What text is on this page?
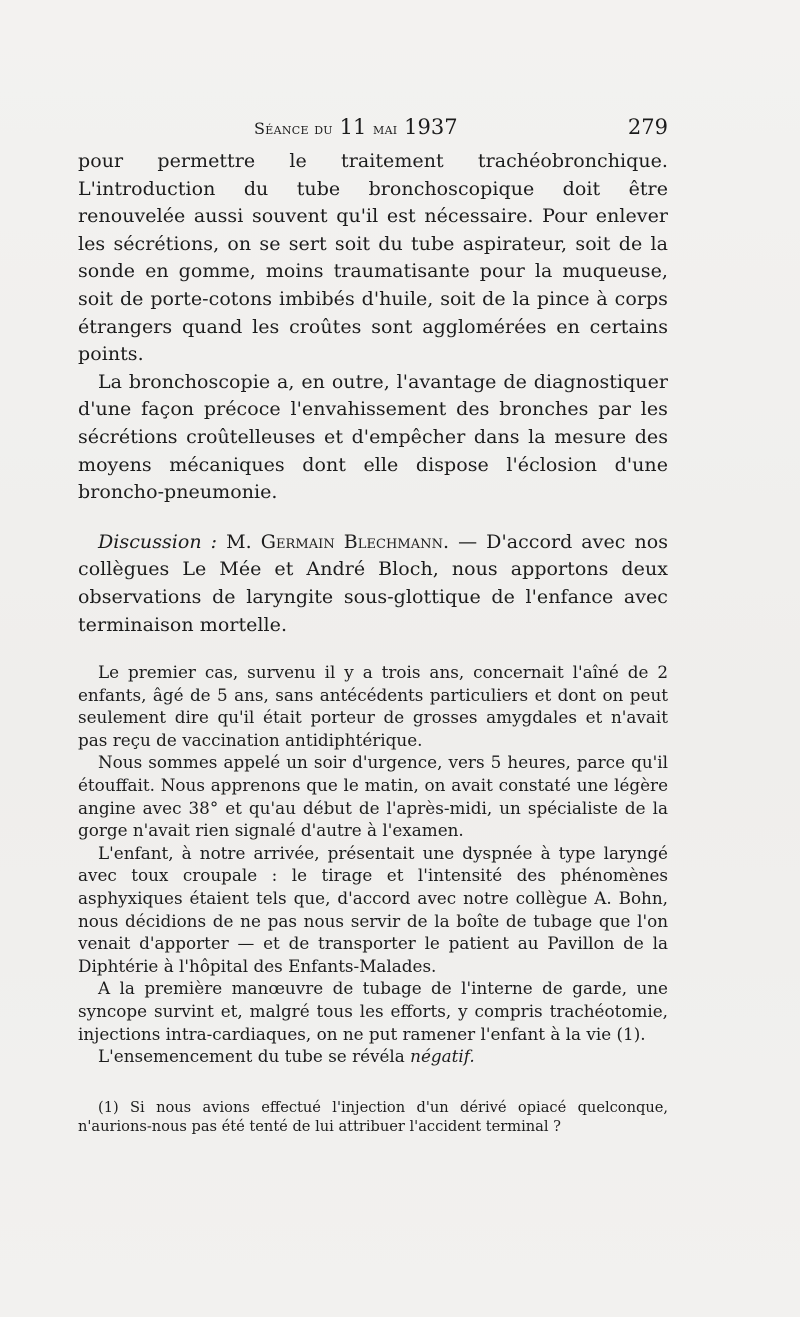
Séance du 11 mai 1937	279

pour permettre le traitement trachéobronchique. L'introduction du tube bronchoscopique doit être renouvelée aussi souvent qu'il est nécessaire. Pour enlever les sécrétions, on se sert soit du tube aspirateur, soit de la sonde en gomme, moins traumatisante pour la muqueuse, soit de porte-cotons imbibés d'huile, soit de la pince à corps étrangers quand les croûtes sont agglomérées en certains points.

La bronchoscopie a, en outre, l'avantage de diagnostiquer d'une façon précoce l'envahissement des bronches par les sécrétions croûtelleuses et d'empêcher dans la mesure des moyens mécaniques dont elle dispose l'éclosion d'une broncho-pneumonie.

Discussion : M. Germain Blechmann. — D'accord avec nos collègues Le Mée et André Bloch, nous apportons deux observations de laryngite sous-glottique de l'enfance avec terminaison mortelle.

Le premier cas, survenu il y a trois ans, concernait l'aîné de 2 enfants, âgé de 5 ans, sans antécédents particuliers et dont on peut seulement dire qu'il était porteur de grosses amygdales et n'avait pas reçu de vaccination antidiphtérique.

Nous sommes appelé un soir d'urgence, vers 5 heures, parce qu'il étouffait. Nous apprenons que le matin, on avait constaté une légère angine avec 38° et qu'au début de l'après-midi, un spécialiste de la gorge n'avait rien signalé d'autre à l'examen.

L'enfant, à notre arrivée, présentait une dyspnée à type laryngé avec toux croupale : le tirage et l'intensité des phénomènes asphyxiques étaient tels que, d'accord avec notre collègue A. Bohn, nous décidions de ne pas nous servir de la boîte de tubage que l'on venait d'apporter — et de transporter le patient au Pavillon de la Diphtérie à l'hôpital des Enfants-Malades.

A la première manœuvre de tubage de l'interne de garde, une syncope survint et, malgré tous les efforts, y compris trachéotomie, injections intra-cardiaques, on ne put ramener l'enfant à la vie (1).

L'ensemencement du tube se révéla négatif.

(1) Si nous avions effectué l'injection d'un dérivé opiacé quelconque, n'aurions-nous pas été tenté de lui attribuer l'accident terminal ?
